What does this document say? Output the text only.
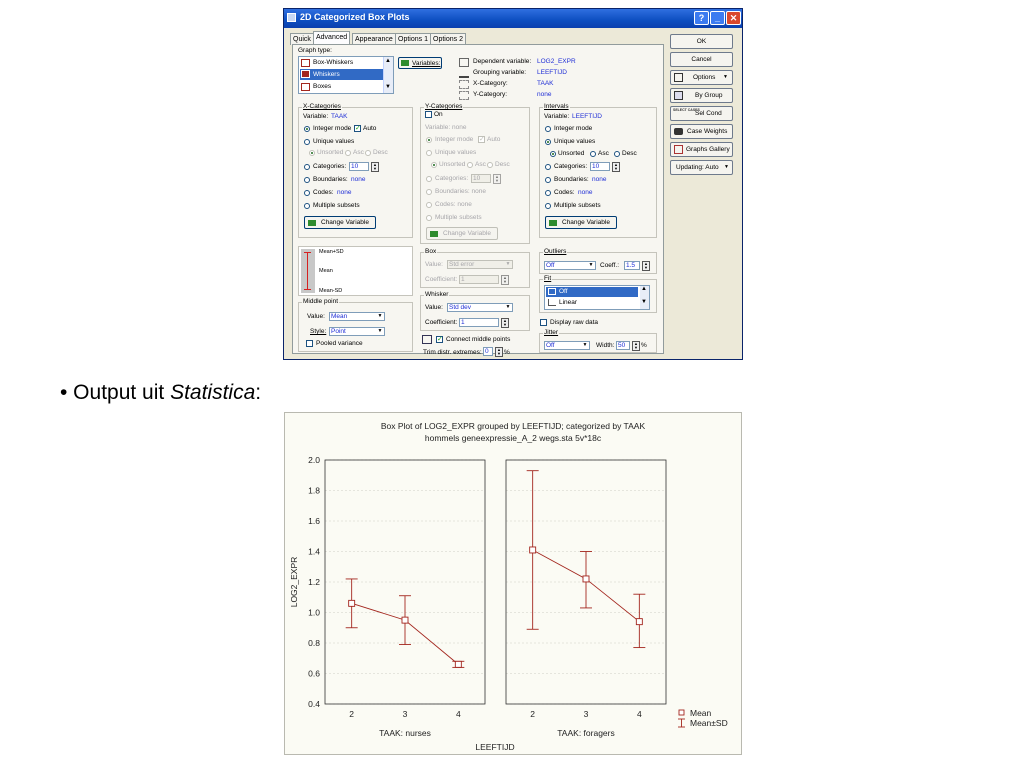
2D Categorized Box Plots	?	_	✕
Quick Advanced	Appearance Options 1 Options 2
Graph type:
Box-Whiskers
Whiskers
Boxes
▲
▼
Variables:	Dependent variable: LOG2_EXPR
Grouping variable: LEEFTIJD
X-Category:	TAAK
Y-Category:	none
X-Categories
Variable: TAAK
Integer mode ✓ Auto
Unique values
Unsorted Asc Desc
Categories: 10	▲
▼
Boundaries: none
Codes: none
Multiple subsets
Change Variable
Y-Categories
On
Variable: none
Integer mode ✓ Auto
Unique values
Unsorted Asc Desc
Categories: 10	▲
▼
Boundaries: none
Codes: none
Multiple subsets
Change Variable
Intervals
Variable: LEEFTIJD
Integer mode
Unique values
Unsorted Asc Desc
Categories: 10	▲
▼
Boundaries: none
Codes: none
Multiple subsets
Change Variable
Mean+SD
Mean
Mean-SD
Middle point
Value: Mean	▼
Style: Point	▼
Pooled variance
Box
Value: Std error	▼
Coefficient: 1	▲
▼
Whisker
Value: Std dev	▼
Coefficient: 1	▲
▼
✓ Connect middle points
Trim distr. extremes: 0	▲
▼ %
Outliers
Off	▼ Coeff.:	1.5	▲
▼
Fit
Off
Linear
▲
▼
Display raw data
Jitter
Off	▼ Width: 50	▲
▼ %
OK
Cancel
Options ▼
By Group
SELECT CASES
Sel Cond
Case Weights
Graphs Gallery
Updating: Auto ▼
• Output uit Statistica:
Box Plot of LOG2_EXPR grouped by LEEFTIJD; categorized by TAAK
hommels geneexpressie_A_2 wegs.sta 5v*18c
2	3	4
TAAK: nurses
2	3	4
TAAK: foragers
0.4
0.6
0.8
1.0
1.2
1.4
1.6
1.8
2.0
LOG2_EXPR
LEEFTIJD
Mean
Mean±SD
